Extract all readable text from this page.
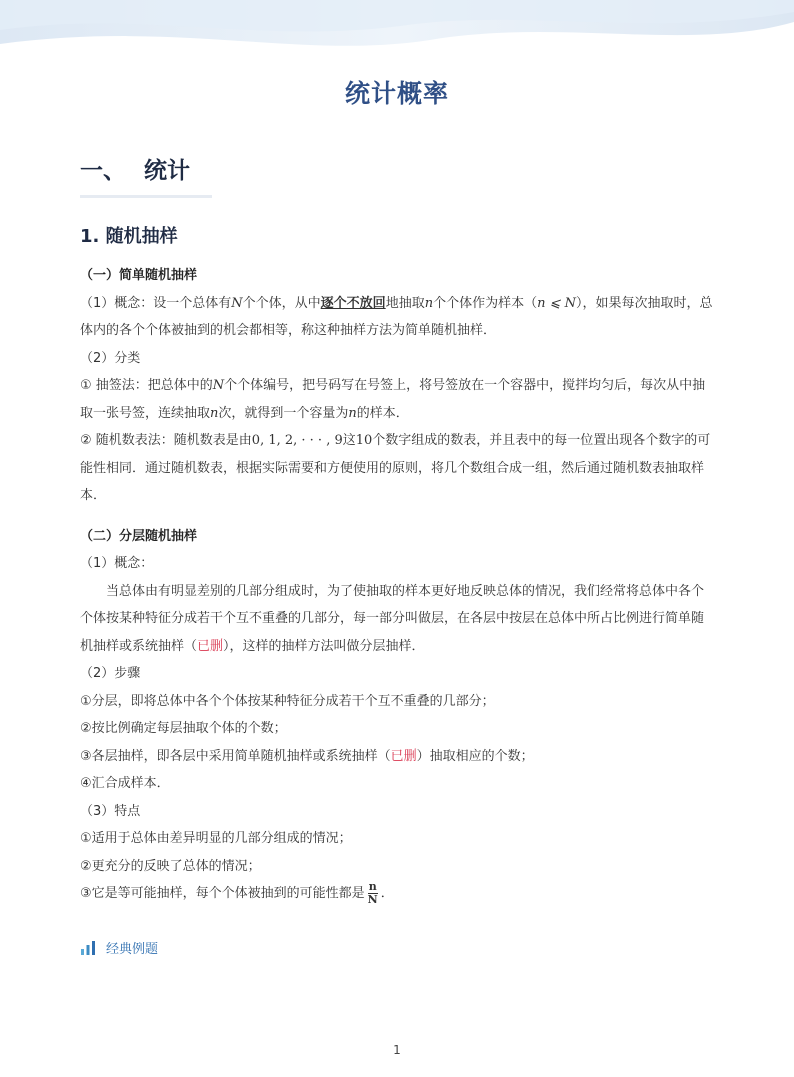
统计概率
一、 统计
1. 随机抽样

（一）简单随机抽样

（1）概念：设一个总体有N个个体，从中逐个不放回地抽取n个个体作为样本（n ⩽ N），如果每次抽取时，总体内的各个个体被抽到的机会都相等，称这种抽样方法为简单随机抽样．

（2）分类

① 抽签法：把总体中的N个个体编号，把号码写在号签上，将号签放在一个容器中，搅拌均匀后，每次从中抽取一张号签，连续抽取n次，就得到一个容量为n的样本．

② 随机数表法：随机数表是由0, 1, 2, · · · , 9这10个数字组成的数表，并且表中的每一位置出现各个数字的可能性相同．通过随机数表，根据实际需要和方便使用的原则，将几个数组合成一组，然后通过随机数表抽取样本．

（二）分层随机抽样

（1）概念：

当总体由有明显差别的几部分组成时，为了使抽取的样本更好地反映总体的情况，我们经常将总体中各个个体按某种特征分成若干个互不重叠的几部分，每一部分叫做层，在各层中按层在总体中所占比例进行简单随机抽样或系统抽样（已删），这样的抽样方法叫做分层抽样．

（2）步骤

①分层，即将总体中各个个体按某种特征分成若干个互不重叠的几部分；

②按比例确定每层抽取个体的个数；

③各层抽样，即各层中采用简单随机抽样或系统抽样（已删）抽取相应的个数；

④汇合成样本．

（3）特点

①适用于总体由差异明显的几部分组成的情况；

②更充分的反映了总体的情况；

③它是等可能抽样，每个个体被抽到的可能性都是 $\frac{n}{N}$ ．

经典例题
1
